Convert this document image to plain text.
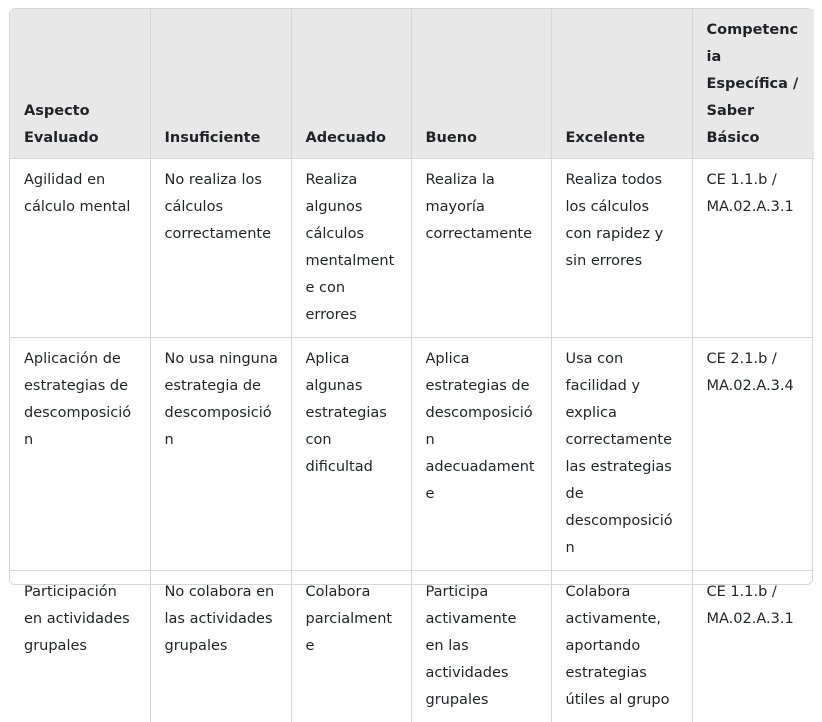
Aspecto Evaluado	Insuficiente	Adecuado	Bueno	Excelente	Competencia Específica / Saber Básico
Agilidad en cálculo mental	No realiza los cálculos correctamente	Realiza algunos cálculos mentalmente con errores	Realiza la mayoría correctamente	Realiza todos los cálculos con rapidez y sin errores	CE 1.1.b / MA.02.A.3.1
Aplicación de estrategias de descomposición	No usa ninguna estrategia de descomposición	Aplica algunas estrategias con dificultad	Aplica estrategias de descomposición adecuadamente	Usa con facilidad y explica correctamente las estrategias de descomposición	CE 2.1.b / MA.02.A.3.4
Participación en actividades grupales	No colabora en las actividades grupales	Colabora parcialmente	Participa activamente en las actividades grupales	Colabora activamente, aportando estrategias útiles al grupo	CE 1.1.b / MA.02.A.3.1
